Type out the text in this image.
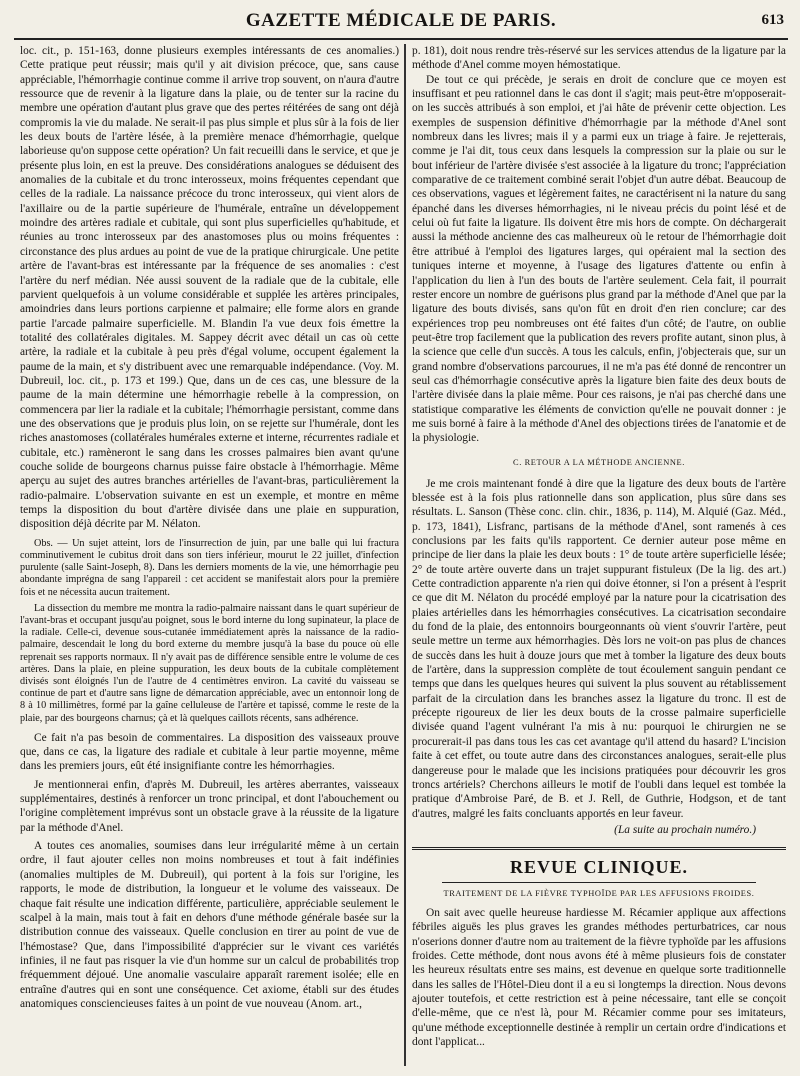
GAZETTE MÉDICALE DE PARIS.	613

loc. cit., p. 151-163, donne plusieurs exemples intéressants de ces anomalies.) Cette pratique peut réussir; mais qu'il y ait division précoce, que, sans cause appréciable, l'hémorrhagie continue comme il arrive trop souvent, on n'aura d'autre ressource que de revenir à la ligature dans la plaie, ou de tenter sur la racine du membre une opération d'autant plus grave que des pertes réitérées de sang ont déjà compromis la vie du malade. Ne serait-il pas plus simple et plus sûr à la fois de lier les deux bouts de l'artère lésée, à la première menace d'hémorrhagie, quelque laborieuse qu'on suppose cette opération? Un fait recueilli dans le service, et que je présente plus loin, en est la preuve. Des considérations analogues se déduisent des anomalies de la cubitale et du tronc interosseux, moins fréquentes cependant que celles de la radiale. La naissance précoce du tronc interosseux, qui vient alors de l'axillaire ou de la partie supérieure de l'humérale, entraîne un développement moindre des artères radiale et cubitale, qui sont plus superficielles qu'habitude, et réunies au tronc interosseux par des anastomoses plus ou moins fréquentes : circonstance des plus ardues au point de vue de la pratique chirurgicale. Une petite artère de l'avant-bras est intéressante par la fréquence de ses anomalies : c'est l'artère du nerf médian. Née aussi souvent de la radiale que de la cubitale, elle parvient quelquefois à un volume considérable et supplée les artères principales, amoindries dans leurs portions carpienne et palmaire; elle forme alors en grande partie l'arcade palmaire superficielle. M. Blandin l'a vue deux fois émettre la totalité des collatérales digitales. M. Sappey décrit avec détail un cas où cette artère, la radiale et la cubitale à peu près d'égal volume, occupent également la paume de la main, et s'y distribuent avec une remarquable indépendance. (Voy. M. Dubreuil, loc. cit., p. 173 et 199.) Que, dans un de ces cas, une blessure de la paume de la main détermine une hémorrhagie rebelle à la compression, on commencera par lier la radiale et la cubitale; l'hémorrhagie persistant, comme dans une des observations que je produis plus loin, on se rejette sur l'humérale, dont les riches anastomoses (collatérales humérales externe et interne, récurrentes radiale et cubitale, etc.) ramèneront le sang dans les crosses palmaires bien avant qu'une couche solide de bourgeons charnus puisse faire obstacle à l'hémorrhagie. Même aperçu au sujet des autres branches artérielles de l'avant-bras, particulièrement la radio-palmaire. L'observation suivante en est un exemple, et montre en même temps la disposition du bout d'artère divisée dans une plaie en suppuration, disposition déjà décrite par M. Nélaton.

Obs. — Un sujet atteint, lors de l'insurrection de juin, par une balle qui lui fractura comminutivement le cubitus droit dans son tiers inférieur, mourut le 22 juillet, d'infection purulente (salle Saint-Joseph, 8). Dans les derniers moments de la vie, une hémorrhagie peu abondante imprégna de sang l'appareil : cet accident se manifestait alors pour la première fois et ne nécessita aucun traitement.

La dissection du membre me montra la radio-palmaire naissant dans le quart supérieur de l'avant-bras et occupant jusqu'au poignet, sous le bord interne du long supinateur, la place de la radiale. Celle-ci, devenue sous-cutanée immédiatement après la naissance de la radio-palmaire, descendait le long du bord externe du membre jusqu'à la base du pouce où elle reprenait ses rapports normaux. Il n'y avait pas de différence sensible entre le volume de ces artères. Dans la plaie, en pleine suppuration, les deux bouts de la cubitale complètement divisés sont éloignés l'un de l'autre de 4 centimètres environ. La cavité du vaisseau se continue de part et d'autre sans ligne de démarcation appréciable, avec un entonnoir long de 8 à 10 millimètres, formé par la gaîne celluleuse de l'artère et tapissé, comme le reste de la plaie, par des bourgeons charnus; çà et là quelques caillots récents, sans adhérence.

Ce fait n'a pas besoin de commentaires. La disposition des vaisseaux prouve que, dans ce cas, la ligature des radiale et cubitale à leur partie moyenne, même dans les premiers jours, eût été insignifiante contre les hémorrhagies.

Je mentionnerai enfin, d'après M. Dubreuil, les artères aberrantes, vaisseaux supplémentaires, destinés à renforcer un tronc principal, et dont l'abouchement ou l'origine complètement imprévus sont un obstacle grave à la réussite de la ligature par la méthode d'Anel.

A toutes ces anomalies, soumises dans leur irrégularité même à un certain ordre, il faut ajouter celles non moins nombreuses et tout à fait indéfinies (anomalies multiples de M. Dubreuil), qui portent à la fois sur l'origine, les rapports, le mode de distribution, la longueur et le volume des vaisseaux. De chaque fait résulte une indication différente, particulière, appréciable seulement le scalpel à la main, mais tout à fait en dehors d'une méthode générale basée sur la distribution connue des vaisseaux. Quelle conclusion en tirer au point de vue de l'hémostase? Que, dans l'impossibilité d'apprécier sur le vivant ces variétés infinies, il ne faut pas risquer la vie d'un homme sur un calcul de probabilités trop fréquemment déjoué. Une anomalie vasculaire apparaît rarement isolée; elle en entraîne d'autres qui en sont une conséquence. Cet axiome, établi sur des études anatomiques consciencieuses faites à un point de vue nouveau (Anom. art.,

p. 181), doit nous rendre très-réservé sur les services attendus de la ligature par la méthode d'Anel comme moyen hémostatique.

De tout ce qui précède, je serais en droit de conclure que ce moyen est insuffisant et peu rationnel dans le cas dont il s'agit; mais peut-être m'opposerait-on les succès attribués à son emploi, et j'ai hâte de prévenir cette objection. Les exemples de suspension définitive d'hémorrhagie par la méthode d'Anel sont nombreux dans les livres; mais il y a parmi eux un triage à faire. Je rejetterais, comme je l'ai dit, tous ceux dans lesquels la compression sur la plaie ou sur le bout inférieur de l'artère divisée s'est associée à la ligature du tronc; l'appréciation comparative de ce traitement combiné serait l'objet d'un autre débat. Beaucoup de ces observations, vagues et légèrement faites, ne caractérisent ni la nature du sang épanché dans les diverses hémorrhagies, ni le niveau précis du point lésé et de celui où fut faite la ligature. Ils doivent être mis hors de compte. On déchargerait aussi la méthode ancienne des cas malheureux où le retour de l'hémorrhagie doit être attribué à l'emploi des ligatures larges, qui opéraient mal la section des tuniques interne et moyenne, à l'usage des ligatures d'attente ou enfin à l'application du lien à l'un des bouts de l'artère seulement. Cela fait, il pourrait rester encore un nombre de guérisons plus grand par la méthode d'Anel que par la ligature des bouts divisés, sans qu'on fût en droit d'en rien conclure; car des expériences trop peu nombreuses ont été faites d'un côté; de l'autre, on oublie peut-être trop facilement que la publication des revers profite autant, sinon plus, à la science que celle d'un succès. A tous les calculs, enfin, j'objecterais que, sur un grand nombre d'observations parcourues, il ne m'a pas été donné de rencontrer un seul cas d'hémorrhagie consécutive après la ligature bien faite des deux bouts de l'artère divisée dans la plaie même. Pour ces raisons, je n'ai pas cherché dans une statistique comparative les éléments de conviction qu'elle ne pouvait donner : je me suis borné à faire à la méthode d'Anel des objections tirées de l'anatomie et de la physiologie.

C. RETOUR A LA MÉTHODE ANCIENNE.

Je me crois maintenant fondé à dire que la ligature des deux bouts de l'artère blessée est à la fois plus rationnelle dans son application, plus sûre dans ses résultats. L. Sanson (Thèse conc. clin. chir., 1836, p. 114), M. Alquié (Gaz. Méd., p. 173, 1841), Lisfranc, partisans de la méthode d'Anel, sont ramenés à ces conclusions par les faits qu'ils rapportent. Ce dernier auteur pose même en principe de lier dans la plaie les deux bouts : 1° de toute artère superficielle lésée; 2° de toute artère ouverte dans un trajet suppurant fistuleux (De la lig. des art.) Cette contradiction apparente n'a rien qui doive étonner, si l'on a présent à l'esprit ce que dit M. Nélaton du procédé employé par la nature pour la cicatrisation des plaies artérielles dans les hémorrhagies consécutives. La cicatrisation secondaire du fond de la plaie, des entonnoirs bourgeonnants où vient s'ouvrir l'artère, peut seule mettre un terme aux hémorrhagies. Dès lors ne voit-on pas plus de chances de succès dans les huit à douze jours que met à tomber la ligature des deux bouts de l'artère, dans la suppression complète de tout écoulement sanguin pendant ce temps que dans les quelques heures qui suivent la plus souvent au rétablissement parfait de la circulation dans les branches assez la ligature du tronc. Il est de précepte rigoureux de lier les deux bouts de la crosse palmaire superficielle divisée quand l'agent vulnérant l'a mis à nu: pourquoi le chirurgien ne se procurerait-il pas dans tous les cas cet avantage qu'il attend du hasard? L'incision faite à cet effet, ou toute autre dans des circonstances analogues, serait-elle plus dangereuse pour le malade que les incisions pratiquées pour découvrir les gros troncs artériels? Cherchons ailleurs le motif de l'oubli dans lequel est tombée la pratique d'Ambroise Paré, de B. et J. Rell, de Guthrie, Hodgson, et de tant d'autres, malgré les faits concluants apportés en leur faveur.

(La suite au prochain numéro.)

REVUE CLINIQUE.
TRAITEMENT DE LA FIÈVRE TYPHOÏDE PAR LES AFFUSIONS FROIDES.

On sait avec quelle heureuse hardiesse M. Récamier applique aux affections fébriles aiguës les plus graves les grandes méthodes perturbatrices, car nous n'oserions donner d'autre nom au traitement de la fièvre typhoïde par les affusions froides. Cette méthode, dont nous avons été à même plusieurs fois de constater les heureux résultats entre ses mains, est devenue en quelque sorte traditionnelle dans les salles de l'Hôtel-Dieu dont il a eu si longtemps la direction. Nous devons ajouter toutefois, et cette restriction est à peine nécessaire, tant elle se conçoit d'elle-même, que ce n'est là, pour M. Récamier comme pour ses imitateurs, qu'une méthode exceptionnelle destinée à remplir un certain ordre d'indications et dont l'applicat...
